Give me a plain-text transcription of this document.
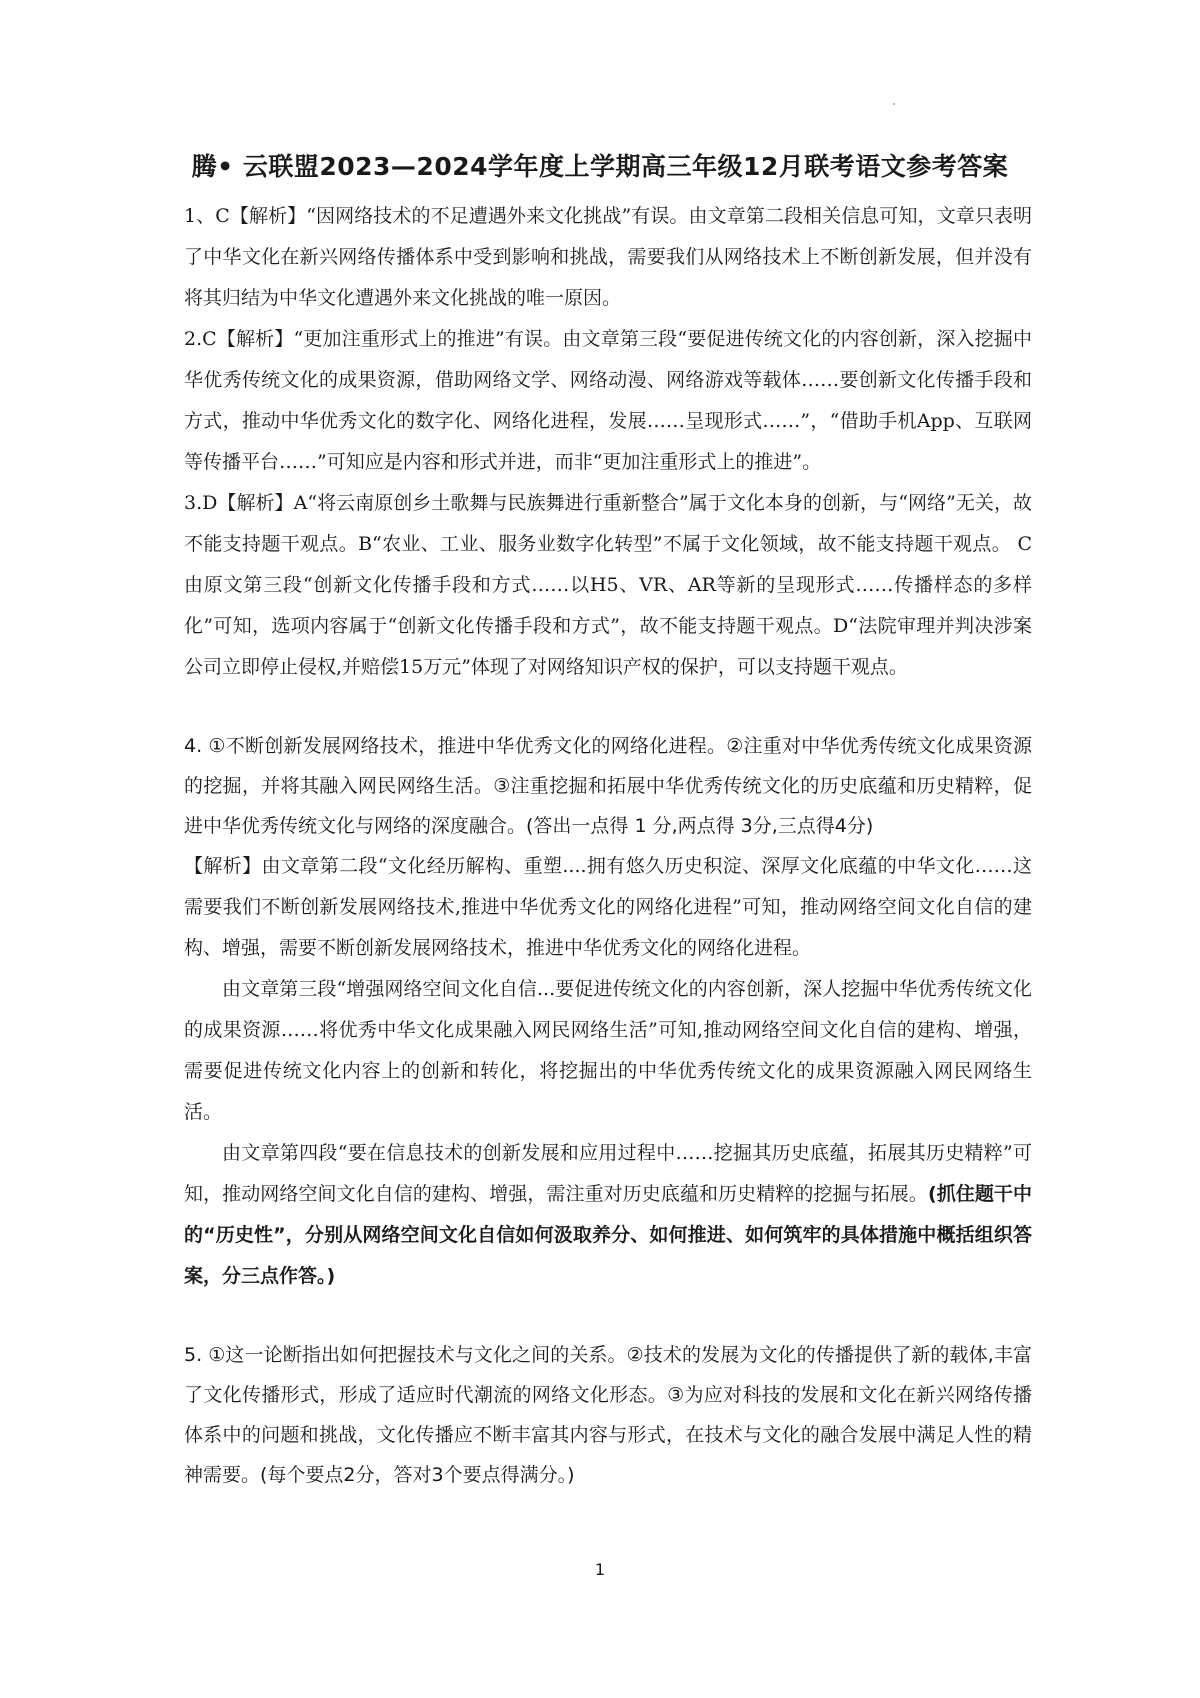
腾• 云联盟2023—2024学年度上学期高三年级12月联考语文参考答案

1、C【解析】“因网络技术的不足遭遇外来文化挑战”有误。由文章第二段相关信息可知，文章只表明了中华文化在新兴网络传播体系中受到影响和挑战，需要我们从网络技术上不断创新发展，但并没有将其归结为中华文化遭遇外来文化挑战的唯一原因。

2.C【解析】“更加注重形式上的推进”有误。由文章第三段“要促进传统文化的内容创新，深入挖掘中华优秀传统文化的成果资源，借助网络文学、网络动漫、网络游戏等载体……要创新文化传播手段和方式，推动中华优秀文化的数字化、网络化进程，发展……呈现形式……”，“借助手机App、互联网等传播平台……”可知应是内容和形式并进，而非“更加注重形式上的推进”。

3.D【解析】A“将云南原创乡土歌舞与民族舞进行重新整合”属于文化本身的创新，与“网络”无关，故不能支持题干观点。B“农业、工业、服务业数字化转型”不属于文化领域，故不能支持题干观点。 C由原文第三段“创新文化传播手段和方式……以H5、VR、AR等新的呈现形式……传播样态的多样化”可知，选项内容属于“创新文化传播手段和方式”，故不能支持题干观点。D“法院审理并判决涉案公司立即停止侵权,并赔偿15万元”体现了对网络知识产权的保护，可以支持题干观点。

4. ①不断创新发展网络技术，推进中华优秀文化的网络化进程。②注重对中华优秀传统文化成果资源的挖掘，并将其融入网民网络生活。③注重挖掘和拓展中华优秀传统文化的历史底蕴和历史精粹，促进中华优秀传统文化与网络的深度融合。(答出一点得 1 分,两点得 3分,三点得4分)

【解析】由文章第二段“文化经历解构、重塑....拥有悠久历史积淀、深厚文化底蕴的中华文化……这需要我们不断创新发展网络技术,推进中华优秀文化的网络化进程”可知，推动网络空间文化自信的建构、增强，需要不断创新发展网络技术，推进中华优秀文化的网络化进程。

由文章第三段“增强网络空间文化自信...要促进传统文化的内容创新，深人挖掘中华优秀传统文化的成果资源……将优秀中华文化成果融入网民网络生活”可知,推动网络空间文化自信的建构、增强，需要促进传统文化内容上的创新和转化，将挖掘出的中华优秀传统文化的成果资源融入网民网络生活。

由文章第四段“要在信息技术的创新发展和应用过程中……挖掘其历史底蕴，拓展其历史精粹”可知，推动网络空间文化自信的建构、增强，需注重对历史底蕴和历史精粹的挖掘与拓展。(抓住题干中的“历史性”，分别从网络空间文化自信如何汲取养分、如何推进、如何筑牢的具体措施中概括组织答案，分三点作答。)

5. ①这一论断指出如何把握技术与文化之间的关系。②技术的发展为文化的传播提供了新的载体,丰富了文化传播形式，形成了适应时代潮流的网络文化形态。③为应对科技的发展和文化在新兴网络传播体系中的问题和挑战，文化传播应不断丰富其内容与形式，在技术与文化的融合发展中满足人性的精神需要。(每个要点2分，答对3个要点得满分。)

1
